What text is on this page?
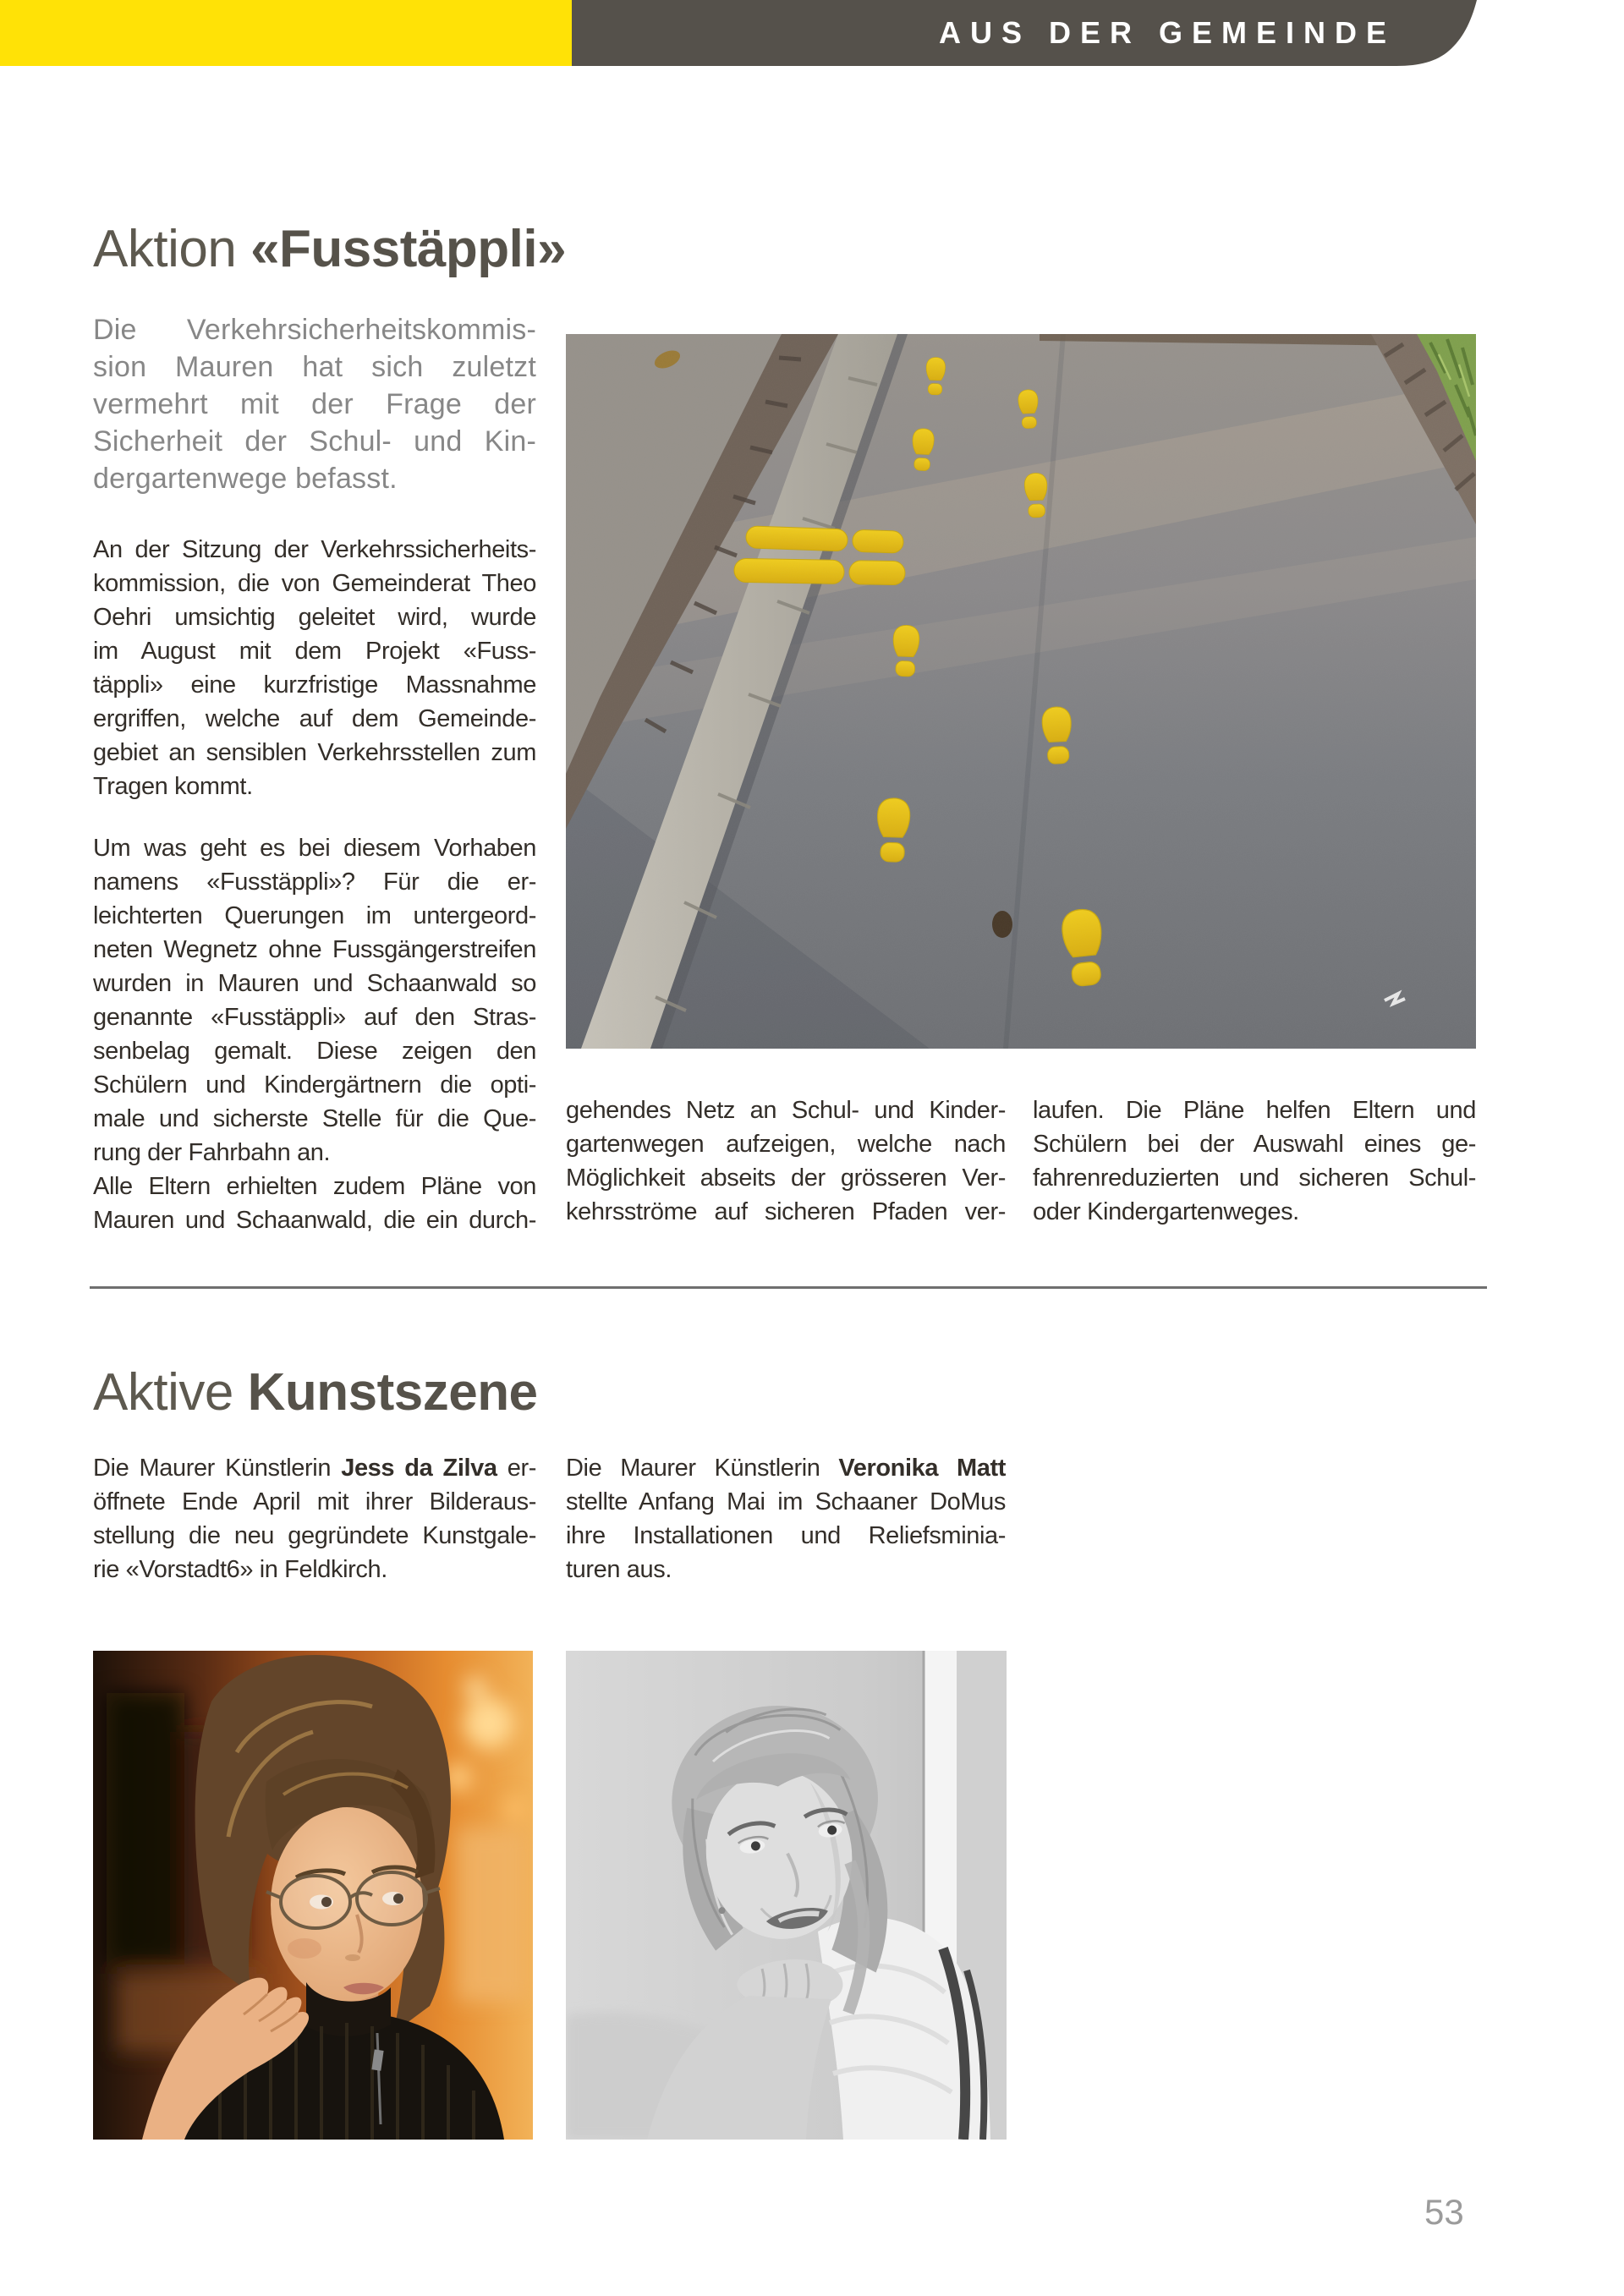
AUS DER GEMEINDE
Aktion «Fusstäppli»
Die Verkehrsicherheitskommis-
sion Mauren hat sich zuletzt
vermehrt mit der Frage der
Sicherheit der Schul- und Kin-
dergartenwege befasst.
An der Sitzung der Verkehrssicherheits-
kommission, die von Gemeinderat Theo
Oehri umsichtig geleitet wird, wurde
im August mit dem Projekt «Fuss-
täppli» eine kurzfristige Massnahme
ergriffen, welche auf dem Gemeinde-
gebiet an sensiblen Verkehrsstellen zum
Tragen kommt.
Um was geht es bei diesem Vorhaben
namens «Fusstäppli»? Für die er-
leichterten Querungen im untergeord-
neten Wegnetz ohne Fussgängerstreifen
wurden in Mauren und Schaanwald so
genannte «Fusstäppli» auf den Stras-
senbelag gemalt. Diese zeigen den
Schülern und Kindergärtnern die opti-
male und sicherste Stelle für die Que-
rung der Fahrbahn an.
Alle Eltern erhielten zudem Pläne von
Mauren und Schaanwald, die ein durch-
gehendes Netz an Schul- und Kinder-
gartenwegen aufzeigen, welche nach
Möglichkeit abseits der grösseren Ver-
kehrsströme auf sicheren Pfaden ver-
laufen. Die Pläne helfen Eltern und
Schülern bei der Auswahl eines ge-
fahrenreduzierten und sicheren Schul-
oder Kindergartenweges.
Aktive Kunstszene
Die Maurer Künstlerin Jess da Zilva er-
öffnete Ende April mit ihrer Bilderaus-
stellung die neu gegründete Kunstgale-
rie «Vorstadt6» in Feldkirch.
Die Maurer Künstlerin Veronika Matt
stellte Anfang Mai im Schaaner DoMus
ihre Installationen und Reliefsminia-
turen aus.
53
